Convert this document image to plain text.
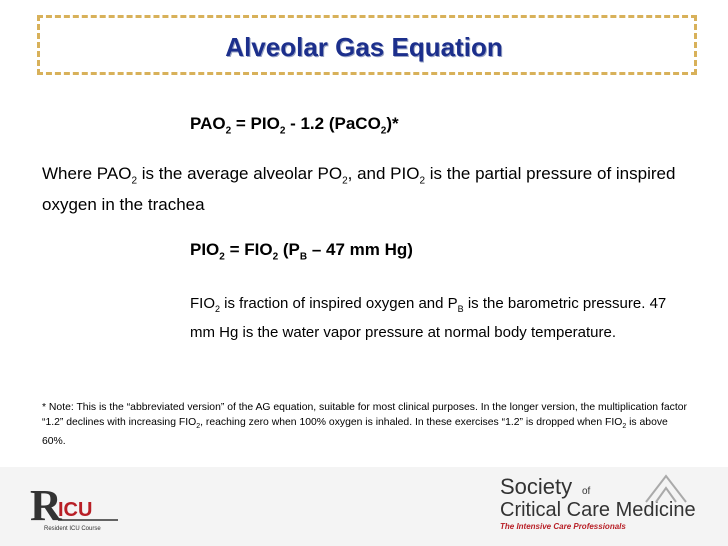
Alveolar Gas Equation
$PAO_2 = PIO_2 - 1.2$ (PaCO$_2$)*
Where $PAO_2$ is the average alveolar $PO_2$, and $PIO_2$ is the partial pressure of inspired oxygen in the trachea
$PIO_2 = FIO_2$ ($P_B - 47$ mm Hg)
$FIO_2$ is fraction of inspired oxygen and $P_B$ is the barometric pressure. 47 mm Hg is the water vapor pressure at normal body temperature.
* Note: This is the “abbreviated version” of the AG equation, suitable for most clinical purposes. In the longer version, the multiplication factor “1.2” declines with increasing $FIO_2$, reaching zero when 100% oxygen is inhaled. In these exercises “1.2” is dropped when $FIO_2$ is above 60%.
R
ICU
Resident ICU Course
Society of
Critical Care Medicine
The Intensive Care Professionals
